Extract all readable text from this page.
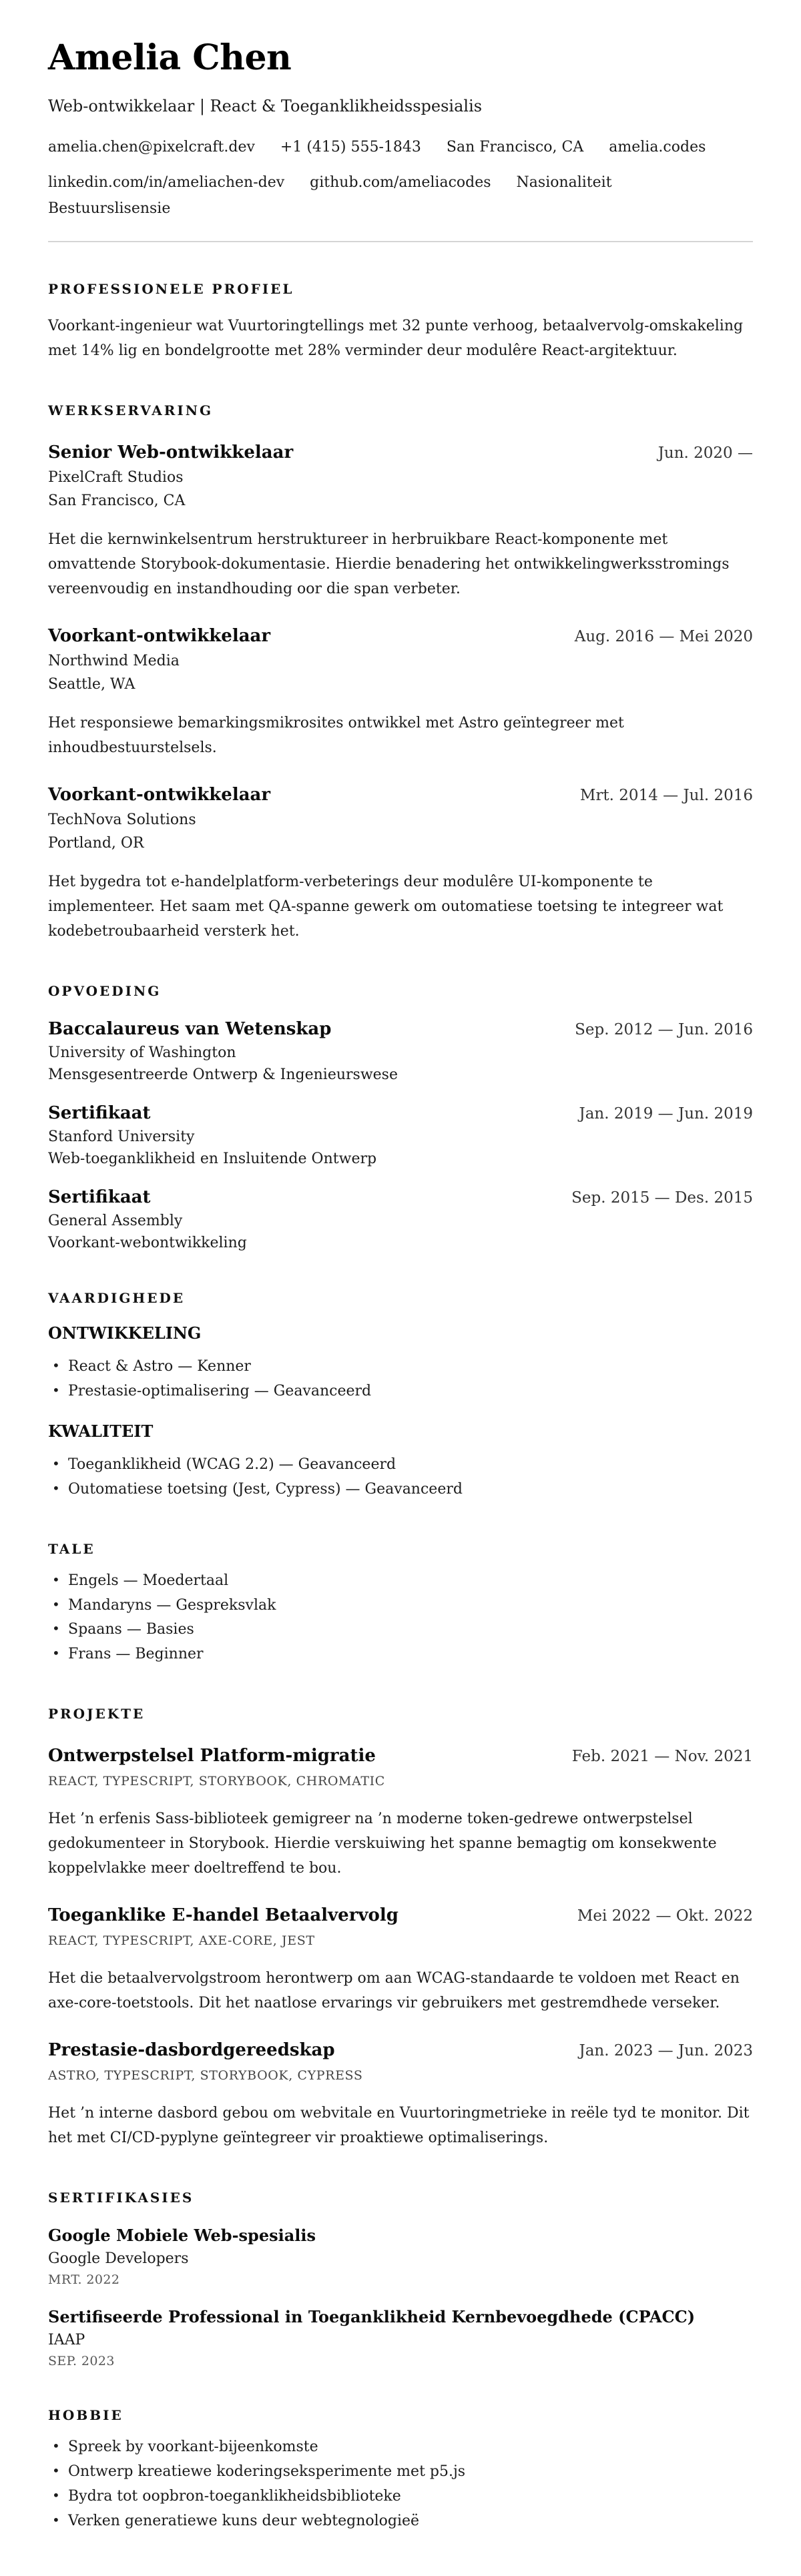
Amelia Chen
Web-ontwikkelaar | React & Toeganklikheidsspesialis
amelia.chen@pixelcraft.dev +1 (415) 555-1843 San Francisco, CA amelia.codes
linkedin.com/in/ameliachen-dev github.com/ameliacodes Nasionaliteit
Bestuurslisensie
PROFESSIONELE PROFIEL

Voorkant-ingenieur wat Vuurtoringtellings met 32 punte verhoog, betaalvervolg-omskakeling met 14% lig en bondelgrootte met 28% verminder deur modulêre React-argitektuur.

WERKSERVARING
Senior Web-ontwikkelaar	Jun. 2020 —
PixelCraft Studios
San Francisco, CA

Het die kernwinkelsentrum herstruktureer in herbruikbare React-komponente met omvattende Storybook-dokumentasie. Hierdie benadering het ontwikkelingwerksstromings vereenvoudig en instandhouding oor die span verbeter.

Voorkant-ontwikkelaar	Aug. 2016 — Mei 2020
Northwind Media
Seattle, WA

Het responsiewe bemarkingsmikrosites ontwikkel met Astro geïntegreer met inhoudbestuurstelsels.

Voorkant-ontwikkelaar	Mrt. 2014 — Jul. 2016
TechNova Solutions
Portland, OR

Het bygedra tot e-handelplatform-verbeterings deur modulêre UI-komponente te implementeer. Het saam met QA-spanne gewerk om outomatiese toetsing te integreer wat kodebetroubaarheid versterk het.

OPVOEDING
Baccalaureus van Wetenskap	Sep. 2012 — Jun. 2016
University of Washington
Mensgesentreerde Ontwerp & Ingenieurswese
Sertifikaat	Jan. 2019 — Jun. 2019
Stanford University
Web-toeganklikheid en Insluitende Ontwerp
Sertifikaat	Sep. 2015 — Des. 2015
General Assembly
Voorkant-webontwikkeling
VAARDIGHEDE
ONTWIKKELING
• React & Astro — Kenner
• Prestasie-optimalisering — Geavanceerd
KWALITEIT
• Toeganklikheid (WCAG 2.2) — Geavanceerd
• Outomatiese toetsing (Jest, Cypress) — Geavanceerd
TALE
• Engels — Moedertaal
• Mandaryns — Gespreksvlak
• Spaans — Basies
• Frans — Beginner
PROJEKTE
Ontwerpstelsel Platform-migratie	Feb. 2021 — Nov. 2021
REACT, TYPESCRIPT, STORYBOOK, CHROMATIC

Het ’n erfenis Sass-biblioteek gemigreer na ’n moderne token-gedrewe ontwerpstelsel gedokumenteer in Storybook. Hierdie verskuiwing het spanne bemagtig om konsekwente koppelvlakke meer doeltreffend te bou.

Toeganklike E-handel Betaalvervolg	Mei 2022 — Okt. 2022
REACT, TYPESCRIPT, AXE-CORE, JEST

Het die betaalvervolgstroom herontwerp om aan WCAG-standaarde te voldoen met React en axe-core-toetstools. Dit het naatlose ervarings vir gebruikers met gestremdhede verseker.

Prestasie-dasbordgereedskap	Jan. 2023 — Jun. 2023
ASTRO, TYPESCRIPT, STORYBOOK, CYPRESS

Het ’n interne dasbord gebou om webvitale en Vuurtoringmetrieke in reële tyd te monitor. Dit het met CI/CD-pyplyne geïntegreer vir proaktiewe optimaliserings.

SERTIFIKASIES
Google Mobiele Web-spesialis
Google Developers
MRT. 2022
Sertifiseerde Professional in Toeganklikheid Kernbevoegdhede (CPACC)
IAAP
SEP. 2023
HOBBIE
• Spreek by voorkant-bijeenkomste
• Ontwerp kreatiewe koderingseksperimente met p5.js
• Bydra tot oopbron-toeganklikheidsbiblioteke
• Verken generatiewe kuns deur webtegnologieë
